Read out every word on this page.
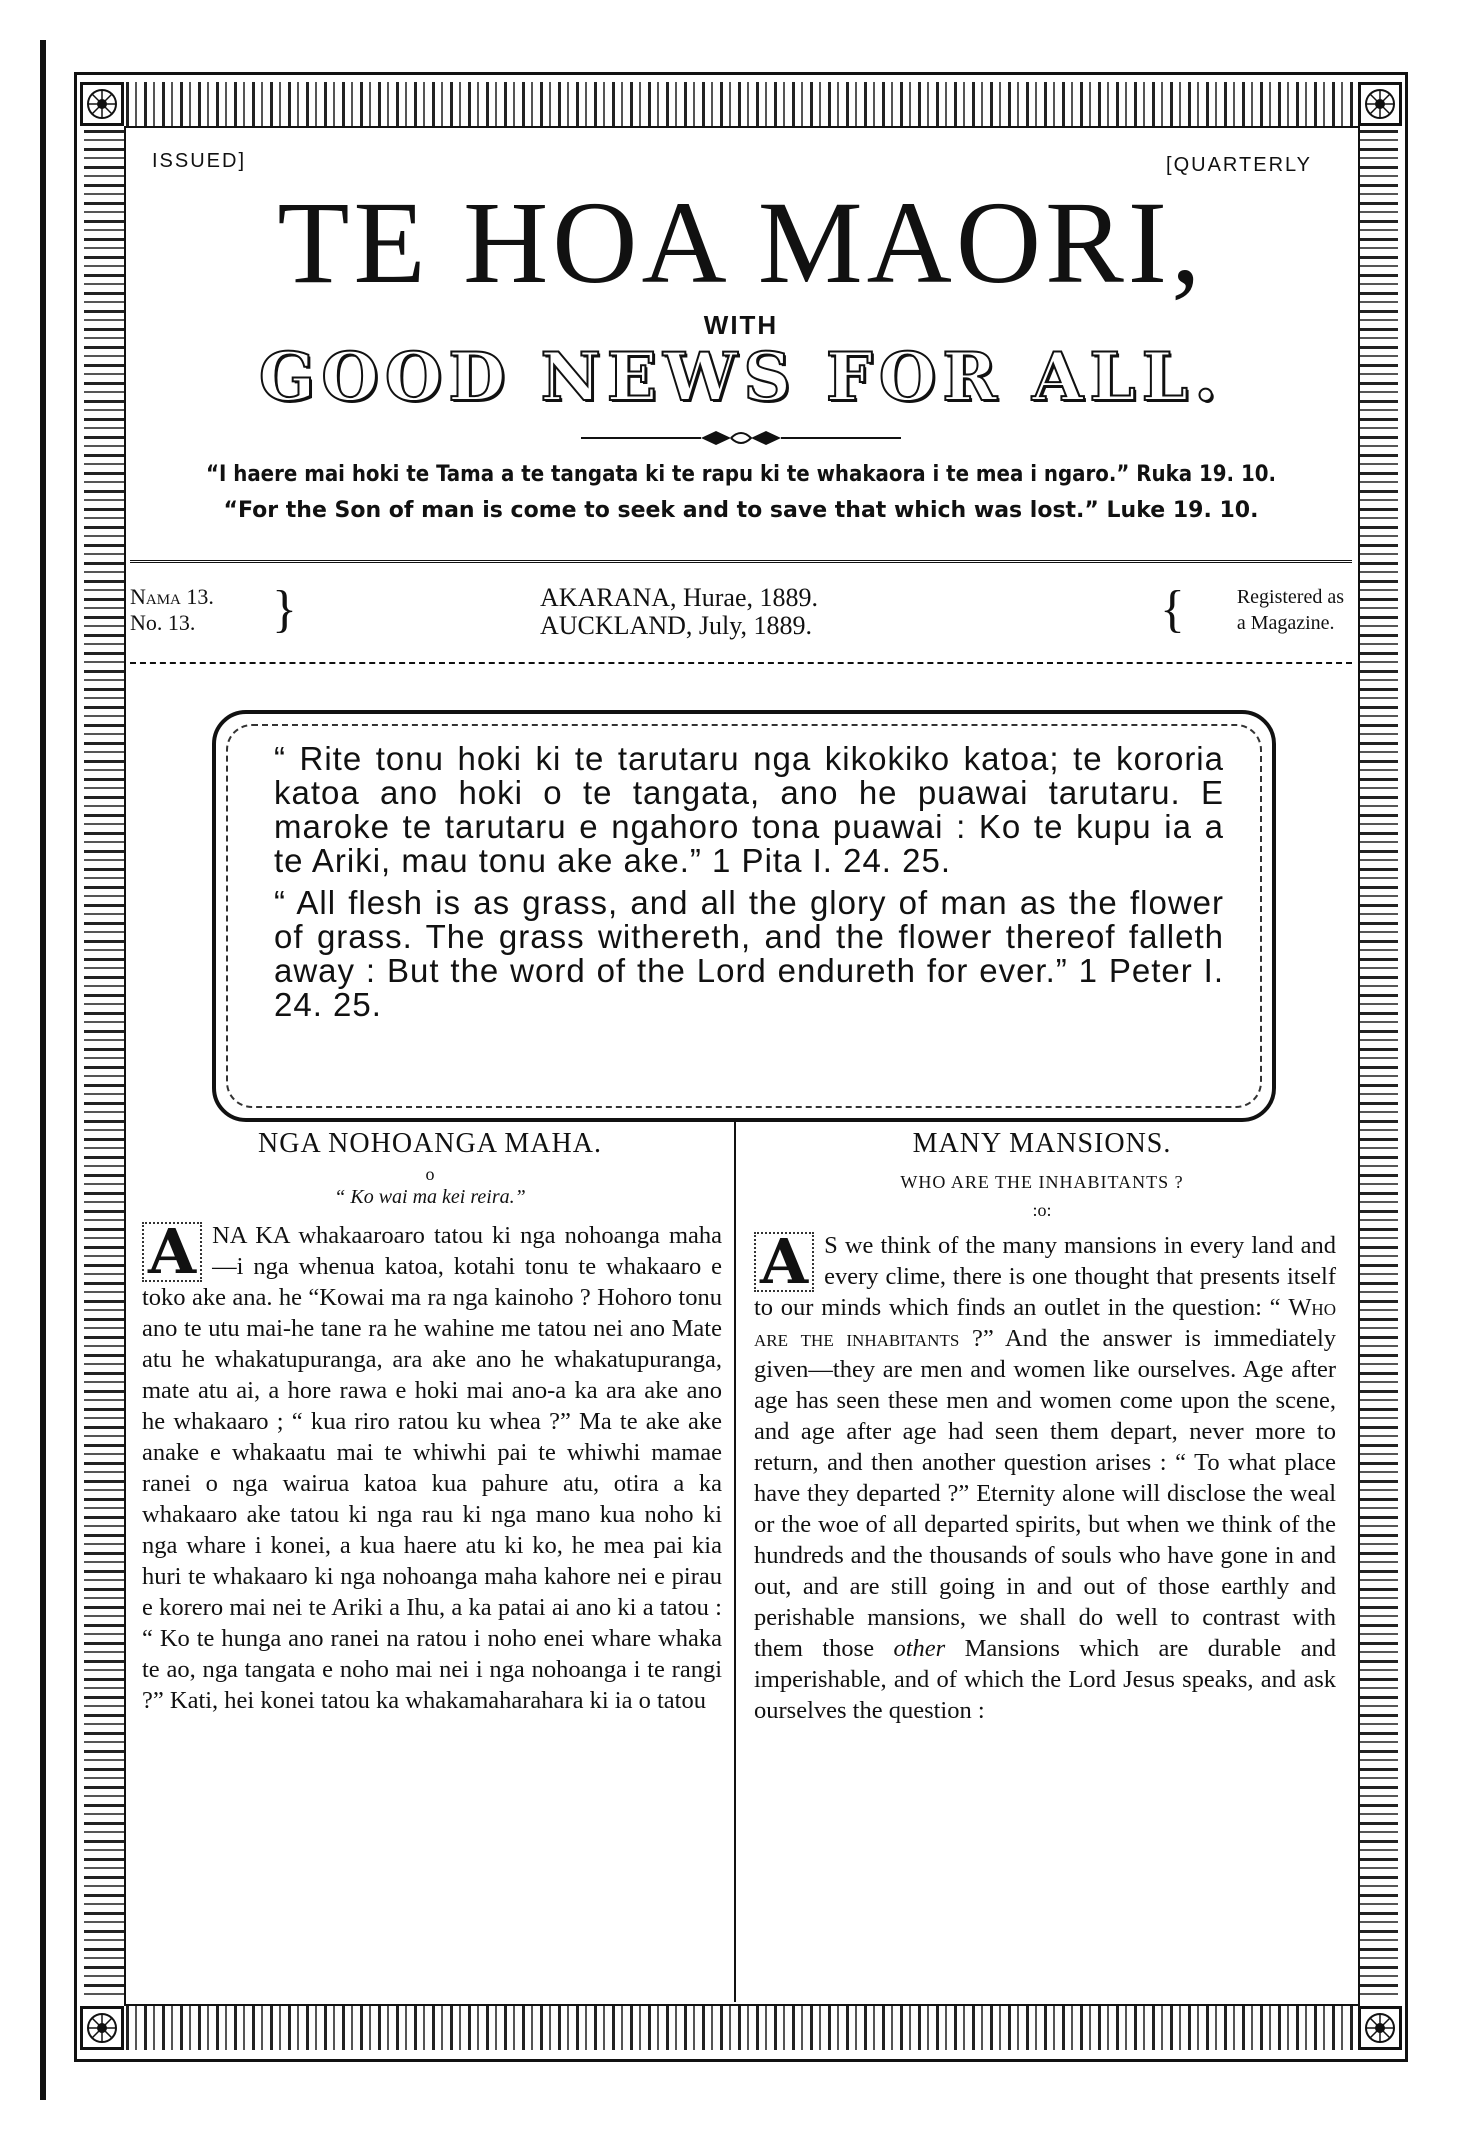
ISSUED]	[QUARTERLY
TE HOA MAORI,
WITH
GOOD NEWS FOR ALL.
“I haere mai hoki te Tama a te tangata ki te rapu ki te whakaora i te mea i ngaro.” Ruka 19. 10.
“For the Son of man is come to seek and to save that which was lost.” Luke 19. 10.
Nama 13.
No. 13.	}	AKARANA, Hurae, 1889.
AUCKLAND, July, 1889.	{	Registered as
a Magazine.

“ Rite tonu hoki ki te tarutaru nga kikokiko katoa; te kororia katoa ano hoki o te tangata, ano he puawai tarutaru. E maroke te tarutaru e ngahoro tona puawai : Ko te kupu ia a te Ariki, mau tonu ake ake.” 1 Pita I. 24. 25.

“ All flesh is as grass, and all the glory of man as the flower of grass. The grass withereth, and the flower thereof falleth away : But the word of the Lord endureth for ever.” 1 Peter I. 24. 25.

NGA NOHOANGA MAHA.
o
“ Ko wai ma kei reira.”

A NA KA whakaaroaro tatou ki nga nohoanga maha—i nga whenua katoa, kotahi tonu te whakaaro e toko ake ana. he “Kowai ma ra nga kainoho ? Hohoro tonu ano te utu mai-he tane ra he wahine me tatou nei ano Mate atu he whakatupuranga, ara ake ano he whakatupuranga, mate atu ai, a hore rawa e hoki mai ano-a ka ara ake ano he whakaaro ; “ kua riro ratou ku whea ?” Ma te ake ake anake e whakaatu mai te whiwhi pai te whiwhi mamae ranei o nga wairua katoa kua pahure atu, otira a ka whakaaro ake tatou ki nga rau ki nga mano kua noho ki nga whare i konei, a kua haere atu ki ko, he mea pai kia huri te whakaaro ki nga nohoanga maha kahore nei e pirau e korero mai nei te Ariki a Ihu, a ka patai ai ano ki a tatou : “ Ko te hunga ano ranei na ratou i noho enei whare whaka te ao, nga tangata e noho mai nei i nga nohoanga i te rangi ?” Kati, hei konei tatou ka whakamaharahara ki ia o tatou

MANY MANSIONS.
WHO ARE THE INHABITANTS ?
:o:

A S we think of the many mansions in every land and every clime, there is one thought that presents itself to our minds which finds an outlet in the question: “ Who are the inhabitants ?” And the answer is immediately given—they are men and women like ourselves. Age after age has seen these men and women come upon the scene, and age after age had seen them depart, never more to return, and then another question arises : “ To what place have they departed ?” Eternity alone will disclose the weal or the woe of all departed spirits, but when we think of the hundreds and the thousands of souls who have gone in and out, and are still going in and out of those earthly and perishable mansions, we shall do well to contrast with them those other Mansions which are durable and imperishable, and of which the Lord Jesus speaks, and ask ourselves the question :
